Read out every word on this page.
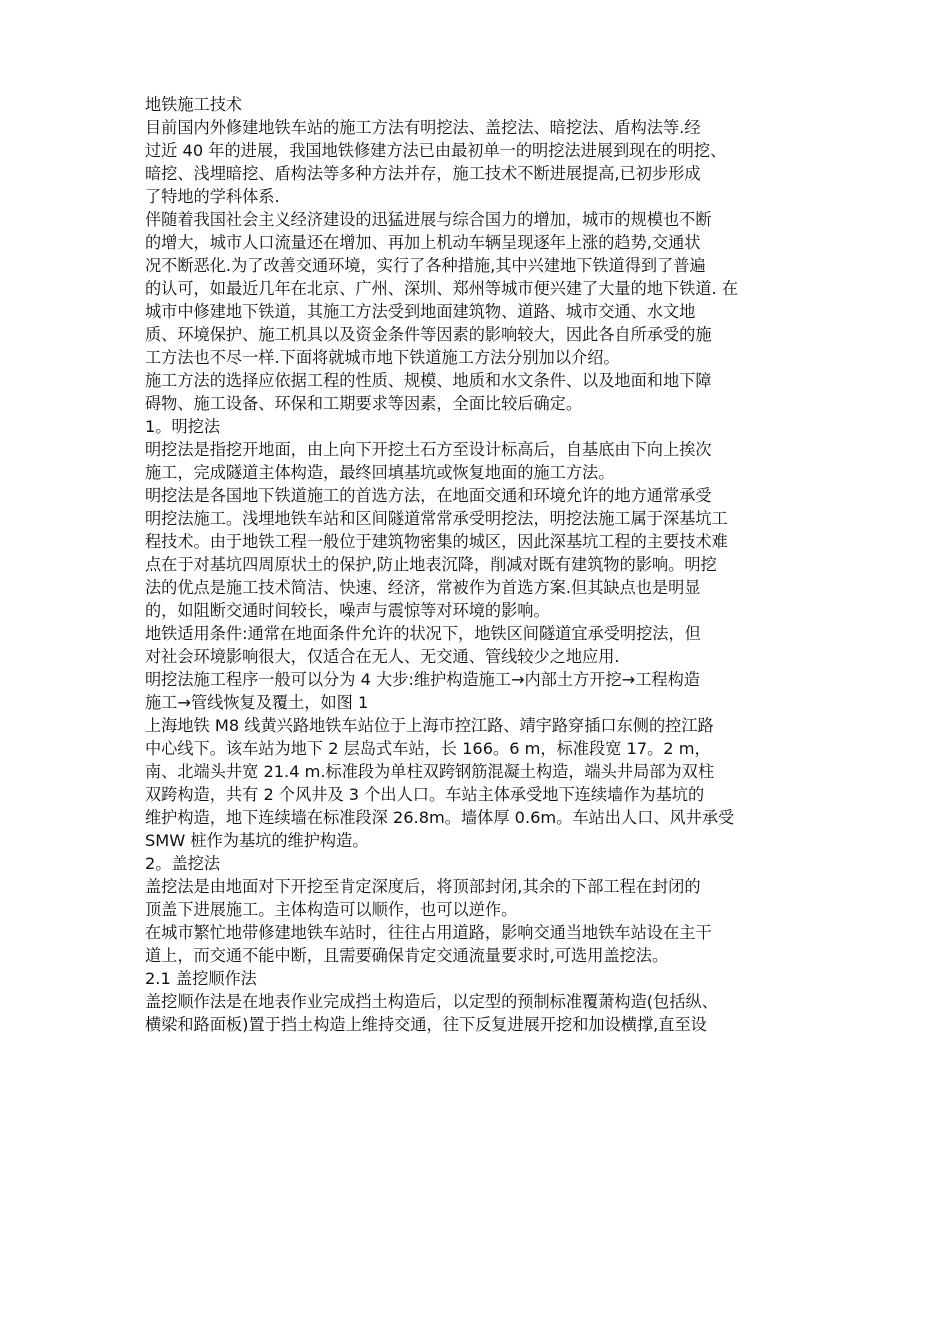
地铁施工技术
目前国内外修建地铁车站的施工方法有明挖法、盖挖法、暗挖法、盾构法等.经
过近 40 年的进展，我国地铁修建方法已由最初单一的明挖法进展到现在的明挖、
暗挖、浅埋暗挖、盾构法等多种方法并存，施工技术不断进展提高,已初步形成
了特地的学科体系.
伴随着我国社会主义经济建设的迅猛进展与综合国力的增加，城市的规模也不断
的增大，城市人口流量还在增加、再加上机动车辆呈现逐年上涨的趋势,交通状
况不断恶化.为了改善交通环境，实行了各种措施,其中兴建地下铁道得到了普遍
的认可，如最近几年在北京、广州、深圳、郑州等城市便兴建了大量的地下铁道. 在
城市中修建地下铁道，其施工方法受到地面建筑物、道路、城市交通、水文地
质、环境保护、施工机具以及资金条件等因素的影响较大，因此各自所承受的施
工方法也不尽一样.下面将就城市地下铁道施工方法分别加以介绍。
施工方法的选择应依据工程的性质、规模、地质和水文条件、以及地面和地下障
碍物、施工设备、环保和工期要求等因素，全面比较后确定。
1。明挖法
明挖法是指挖开地面，由上向下开挖土石方至设计标高后，自基底由下向上挨次
施工，完成隧道主体构造，最终回填基坑或恢复地面的施工方法。
明挖法是各国地下铁道施工的首选方法，在地面交通和环境允许的地方通常承受
明挖法施工。浅埋地铁车站和区间隧道常常承受明挖法，明挖法施工属于深基坑工
程技术。由于地铁工程一般位于建筑物密集的城区，因此深基坑工程的主要技术难
点在于对基坑四周原状土的保护,防止地表沉降，削减对既有建筑物的影响。明挖
法的优点是施工技术简洁、快速、经济，常被作为首选方案.但其缺点也是明显
的，如阻断交通时间较长，噪声与震惊等对环境的影响。
地铁适用条件:通常在地面条件允许的状况下，地铁区间隧道宜承受明挖法，但
对社会环境影响很大，仅适合在无人、无交通、管线较少之地应用.
明挖法施工程序一般可以分为 4 大步:维护构造施工→内部土方开挖→工程构造
施工→管线恢复及覆土，如图 1
上海地铁 M8 线黄兴路地铁车站位于上海市控江路、靖宇路穿插口东侧的控江路
中心线下。该车站为地下 2 层岛式车站，长 166。6 m，标准段宽 17。2 m，
南、北端头井宽 21.4 m.标准段为单柱双跨钢筋混凝土构造，端头井局部为双柱
双跨构造，共有 2 个风井及 3 个出人口。车站主体承受地下连续墙作为基坑的
维护构造，地下连续墙在标准段深 26.8m。墙体厚 0.6m。车站出人口、风井承受
SMW 桩作为基坑的维护构造。
2。盖挖法
盖挖法是由地面对下开挖至肯定深度后，将顶部封闭,其余的下部工程在封闭的
顶盖下进展施工。主体构造可以顺作，也可以逆作。
在城市繁忙地带修建地铁车站时，往往占用道路，影响交通当地铁车站设在主干
道上，而交通不能中断，且需要确保肯定交通流量要求时,可选用盖挖法。
2.1 盖挖顺作法
盖挖顺作法是在地表作业完成挡土构造后，以定型的预制标准覆萧构造(包括纵、
横梁和路面板)置于挡土构造上维持交通，往下反复进展开挖和加设横撑,直至设
